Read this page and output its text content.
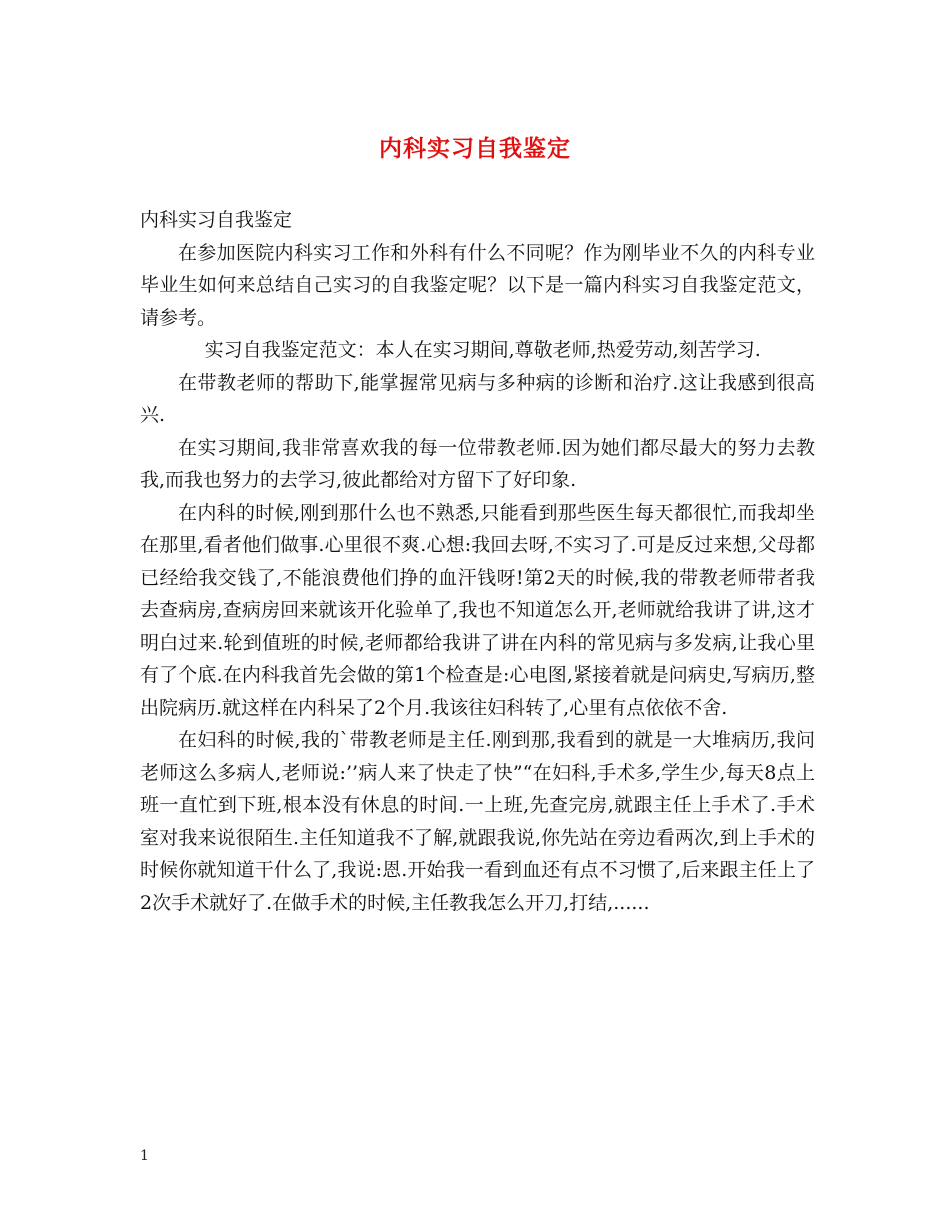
内科实习自我鉴定

内科实习自我鉴定

在参加医院内科实习工作和外科有什么不同呢？作为刚毕业不久的内科专业毕业生如何来总结自己实习的自我鉴定呢？以下是一篇内科实习自我鉴定范文，请参考。

实习自我鉴定范文：本人在实习期间,尊敬老师,热爱劳动,刻苦学习.

在带教老师的帮助下,能掌握常见病与多种病的诊断和治疗.这让我感到很高兴.

在实习期间,我非常喜欢我的每一位带教老师.因为她们都尽最大的努力去教我,而我也努力的去学习,彼此都给对方留下了好印象.

在内科的时候,刚到那什么也不熟悉,只能看到那些医生每天都很忙,而我却坐在那里,看者他们做事.心里很不爽.心想:我回去呀,不实习了.可是反过来想,父母都已经给我交钱了,不能浪费他们挣的血汗钱呀!第2天的时候,我的带教老师带者我去查病房,查病房回来就该开化验单了,我也不知道怎么开,老师就给我讲了讲,这才明白过来.轮到值班的时候,老师都给我讲了讲在内科的常见病与多发病,让我心里有了个底.在内科我首先会做的第1个检查是:心电图,紧接着就是问病史,写病历,整出院病历.就这样在内科呆了2个月.我该往妇科转了,心里有点依依不舍.

在妇科的时候,我的`带教老师是主任.刚到那,我看到的就是一大堆病历,我问老师这么多病人,老师说:’’病人来了快走了快”“在妇科,手术多,学生少,每天8点上班一直忙到下班,根本没有休息的时间.一上班,先查完房,就跟主任上手术了.手术室对我来说很陌生.主任知道我不了解,就跟我说,你先站在旁边看两次,到上手术的时候你就知道干什么了,我说:恩.开始我一看到血还有点不习惯了,后来跟主任上了2次手术就好了.在做手术的时候,主任教我怎么开刀,打结,......

1
